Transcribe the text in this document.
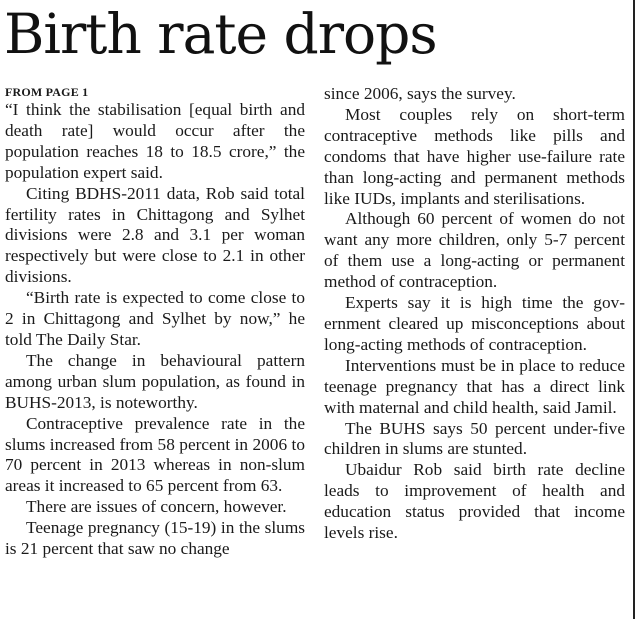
Birth rate drops
FROM PAGE 1

“I think the stabilisation [equal birth and death rate] would occur after the population reaches 18 to 18.5 crore,” the population expert said.

Citing BDHS-2011 data, Rob said total fertility rates in Chittagong and Sylhet divisions were 2.8 and 3.1 per woman respectively but were close to 2.1 in other divisions.

“Birth rate is expected to come close to 2 in Chittagong and Sylhet by now,” he told The Daily Star.

The change in behavioural pattern among urban slum population, as found in BUHS-2013, is noteworthy.

Contraceptive prevalence rate in the slums increased from 58 percent in 2006 to 70 percent in 2013 whereas in non-slum areas it increased to 65 percent from 63.

There are issues of concern, however.

Teenage pregnancy (15-19) in the slums is 21 percent that saw no change

since 2006, says the survey.

Most couples rely on short-term contraceptive methods like pills and condoms that have higher use-failure rate than long-acting and permanent methods like IUDs, implants and sterilisations.

Although 60 percent of women do not want any more children, only 5-7 percent of them use a long-acting or permanent method of contraception.

Experts say it is high time the government cleared up misconceptions about long-acting methods of contraception.

Interventions must be in place to reduce teenage pregnancy that has a direct link with maternal and child health, said Jamil.

The BUHS says 50 percent under-five children in slums are stunted.

Ubaidur Rob said birth rate decline leads to improvement of health and education status provided that income levels rise.
